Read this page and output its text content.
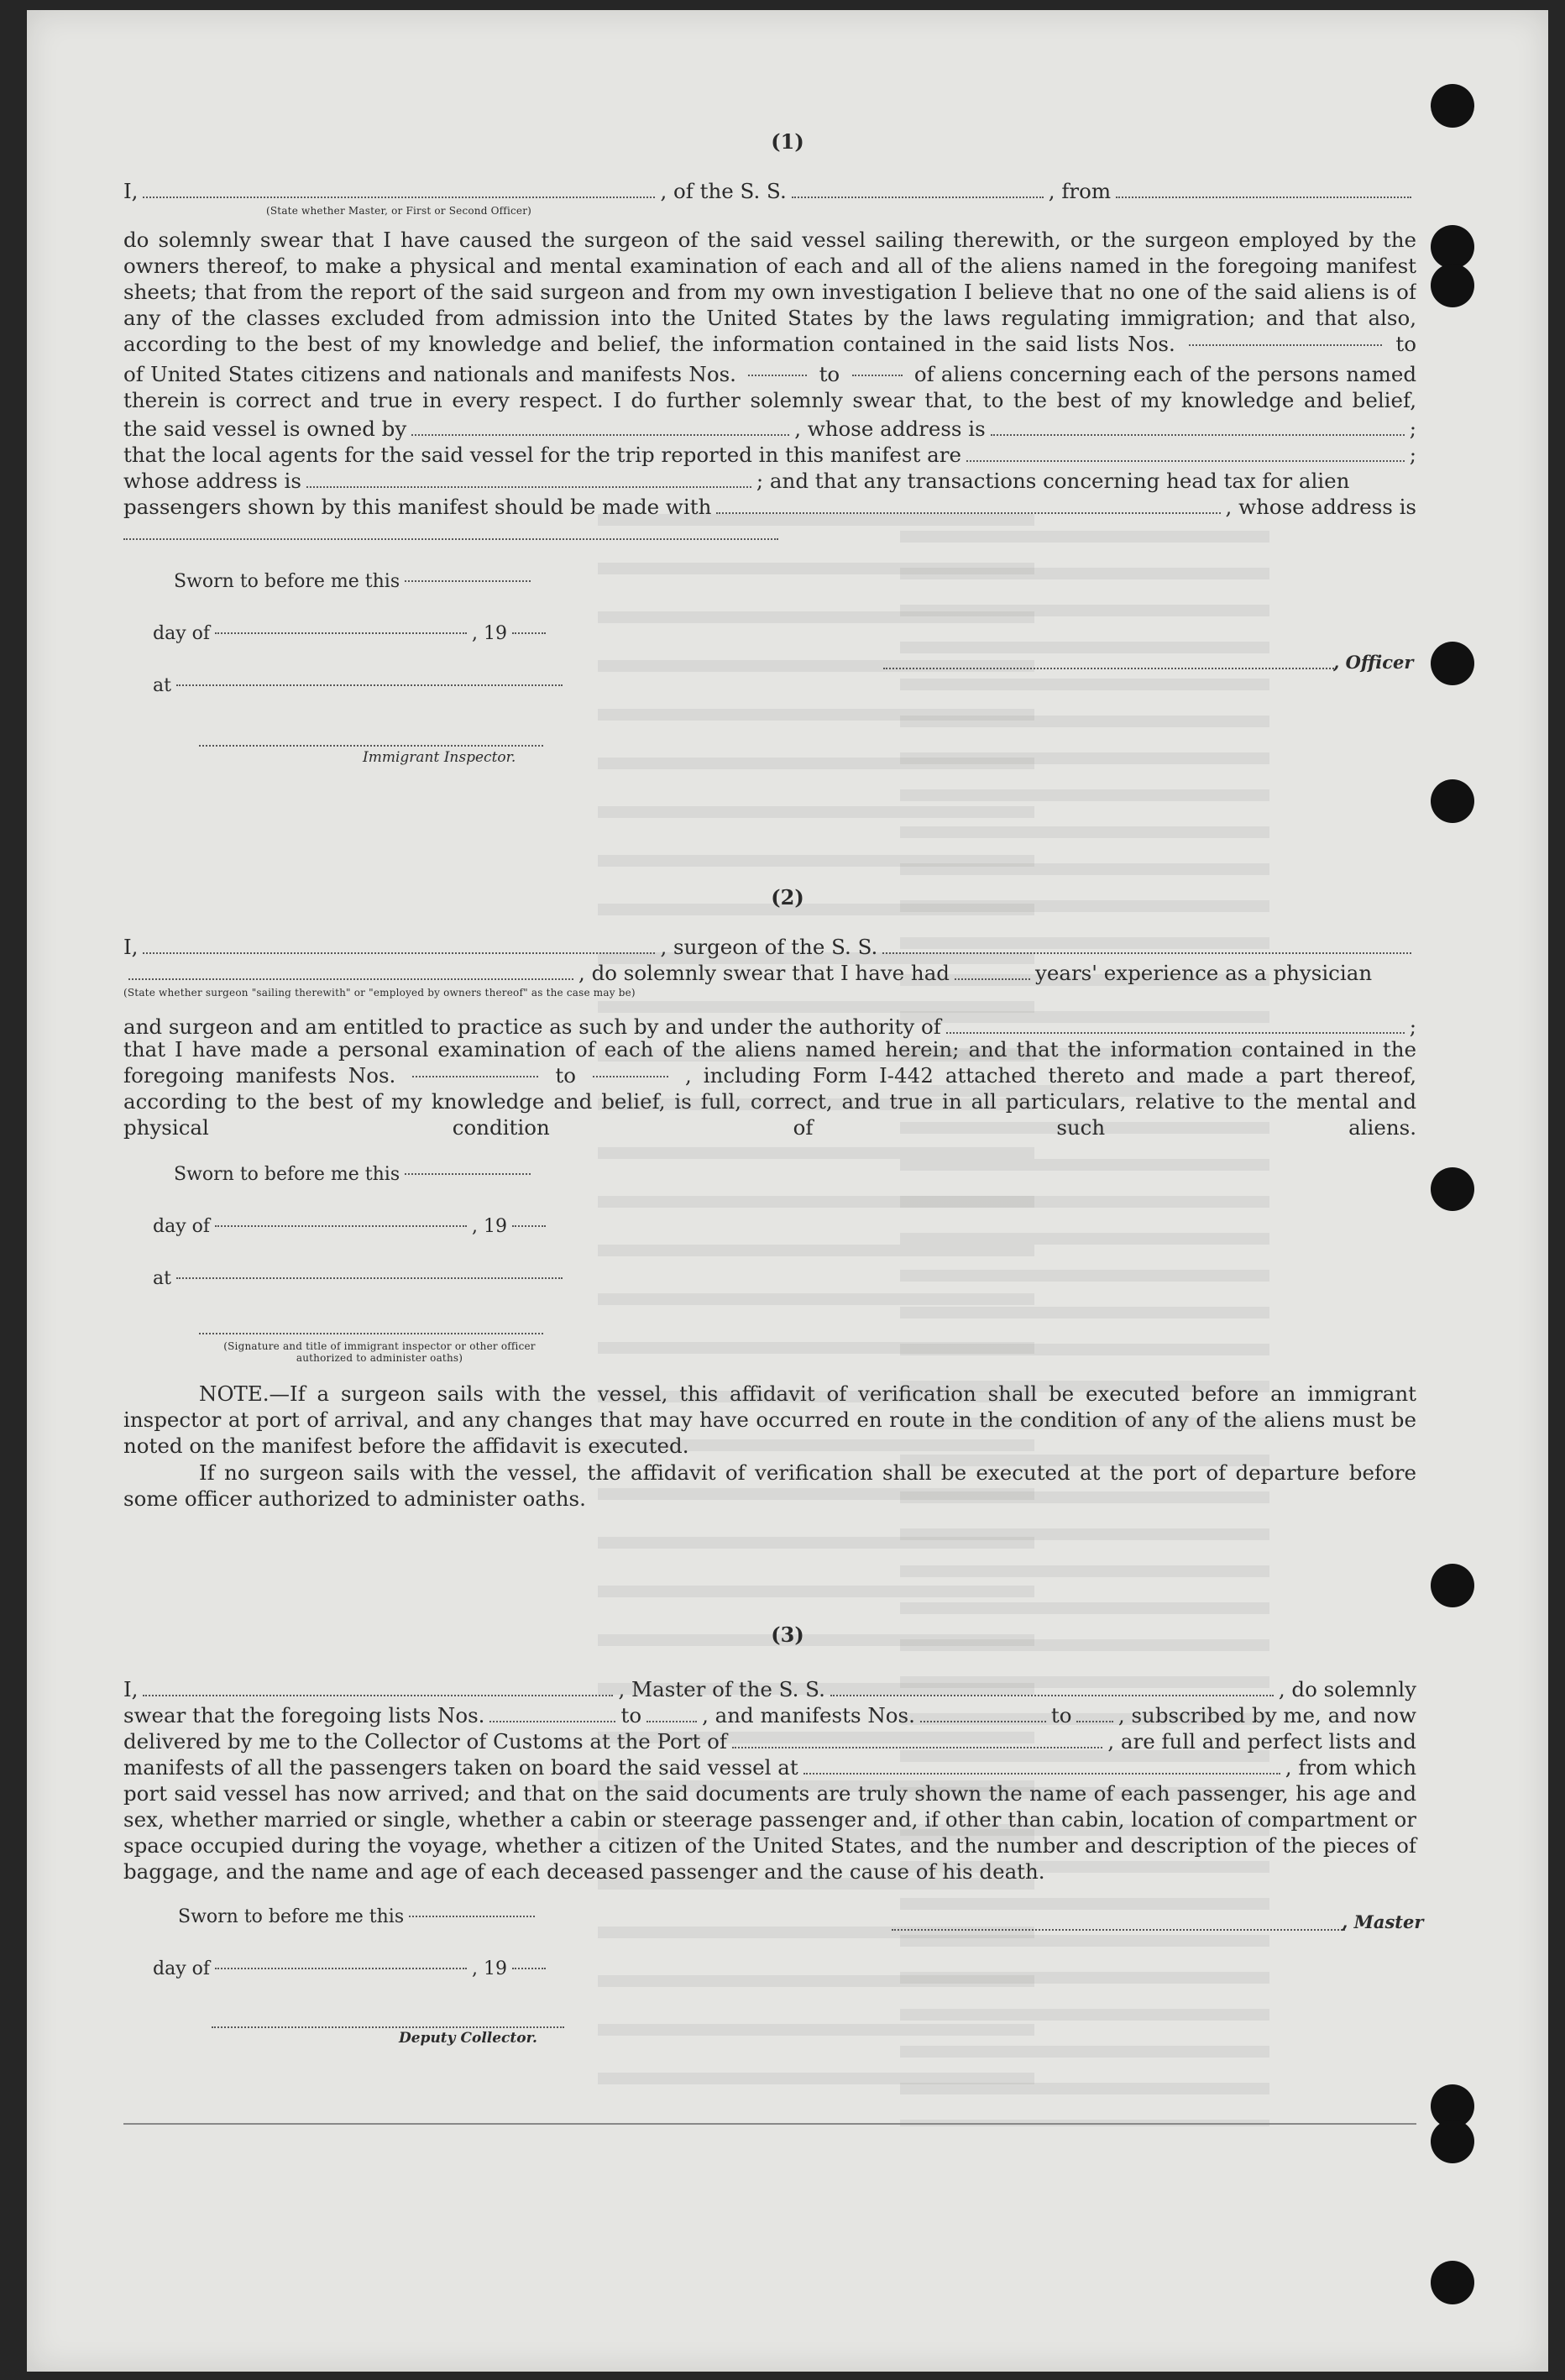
(1)
I,	, of the S. S.	, from
(State whether Master, or First or Second Officer)
do solemnly swear that I have caused the surgeon of the said vessel sailing therewith, or the surgeon employed by the owners thereof, to make a physical and mental examination of each and all of the aliens named in the foregoing manifest sheets; that from the report of the said surgeon and from my own investigation I believe that no one of the said aliens is of any of the classes excluded from admission into the United States by the laws regulating immigration; and that also, according to the best of my knowledge and belief, the information contained in the said lists Nos.	to
of United States citizens and nationals and manifests Nos.	to	of aliens concerning each of the persons named therein is correct and true in every respect. I do further solemnly swear that, to the best of my knowledge and belief,
the said vessel is owned by	, whose address is	;
that the local agents for the said vessel for the trip reported in this manifest are	;
whose address is	; and that any transactions concerning head tax for alien
passengers shown by this manifest should be made with	, whose address is
Sworn to before me this
day of	, 19
at
Immigrant Inspector.
, Officer
(2)
I,	, surgeon of the S. S.
, do solemnly swear that I have had	years' experience as a physician
(State whether surgeon "sailing therewith" or "employed by owners thereof" as the case may be)
and surgeon and am entitled to practice as such by and under the authority of	;
that I have made a personal examination of each of the aliens named herein; and that the information contained in the foregoing manifests Nos.	to	, including Form I-442 attached thereto and made a part thereof, according to the best of my knowledge and belief, is full, correct, and true in all particulars, relative to the mental and physical condition of such aliens.
Sworn to before me this
day of	, 19
at
(Signature and title of immigrant inspector or other officer authorized to administer oaths)
NOTE.—If a surgeon sails with the vessel, this affidavit of verification shall be executed before an immigrant inspector at port of arrival, and any changes that may have occurred en route in the condition of any of the aliens must be noted on the manifest before the affidavit is executed.
If no surgeon sails with the vessel, the affidavit of verification shall be executed at the port of departure before some officer authorized to administer oaths.
(3)
I,	, Master of the S. S.	, do solemnly
swear that the foregoing lists Nos.	to	, and manifests Nos.	to , subscribed by me, and now
delivered by me to the Collector of Customs at the Port of	, are full and perfect lists and
manifests of all the passengers taken on board the said vessel at	, from which
port said vessel has now arrived; and that on the said documents are truly shown the name of each passenger, his age and sex, whether married or single, whether a cabin or steerage passenger and, if other than cabin, location of compartment or space occupied during the voyage, whether a citizen of the United States, and the number and description of the pieces of baggage, and the name and age of each deceased passenger and the cause of his death.
Sworn to before me this
day of	, 19
Deputy Collector.
, Master
